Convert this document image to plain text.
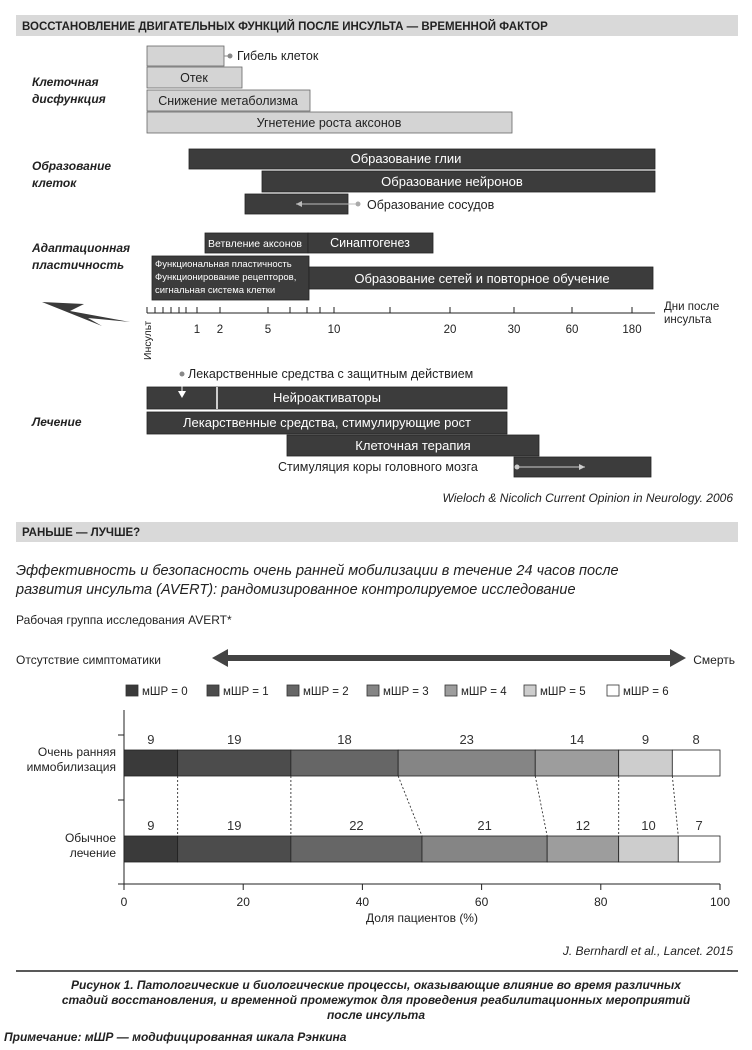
ВОССТАНОВЛЕНИЕ ДВИГАТЕЛЬНЫХ ФУНКЦИЙ ПОСЛЕ ИНСУЛЬТА — ВРЕМЕННОЙ ФАКТОР
Клеточная
дисфункция
Образование
клеток
Адаптационная
пластичность
Лечение
Гибель клеток
Отек
Снижение метаболизма
Угнетение роста аксонов
Образование глии
Образование нейронов
Образование сосудов
Ветвление аксонов Синаптогенез
Функциональная пластичность
Функционирование рецепторов,
сигнальная система клетки
Образование сетей и повторное обучение
Инсульт	1 2	5	10	20	30	60	180
Дни после
инсульта
Лекарственные средства с защитным действием
Нейроактиваторы
Лекарственные средства, стимулирующие рост
Клеточная терапия
Стимуляция коры головного мозга
Wieloch & Nicolich Current Opinion in Neurology. 2006
РАНЬШЕ — ЛУЧШЕ?
Эффективность и безопасность очень ранней мобилизации в течение 24 часов после
развития инсульта (AVERT): рандомизированное контролируемое исследование
Рабочая группа исследования AVERT*
Отсутствие симптоматики	Смерть
мШР = 0	мШР = 1	мШР = 2	мШР = 3	мШР = 4	мШР = 5	мШР = 6
9	19	18	23	14	9	8
Очень ранняя
иммобилизация
9	19	22	21	12	10	7
Обычное
лечение
0	20	40	60	80	100
Доля пациентов (%)
J. Bernhardl et al., Lancet. 2015
Рисунок 1. Патологические и биологические процессы, оказывающие влияние во время различных
стадий восстановления, и временной промежуток для проведения реабилитационных мероприятий
после инсульта
Примечание: мШР — модифицированная шкала Рэнкина
